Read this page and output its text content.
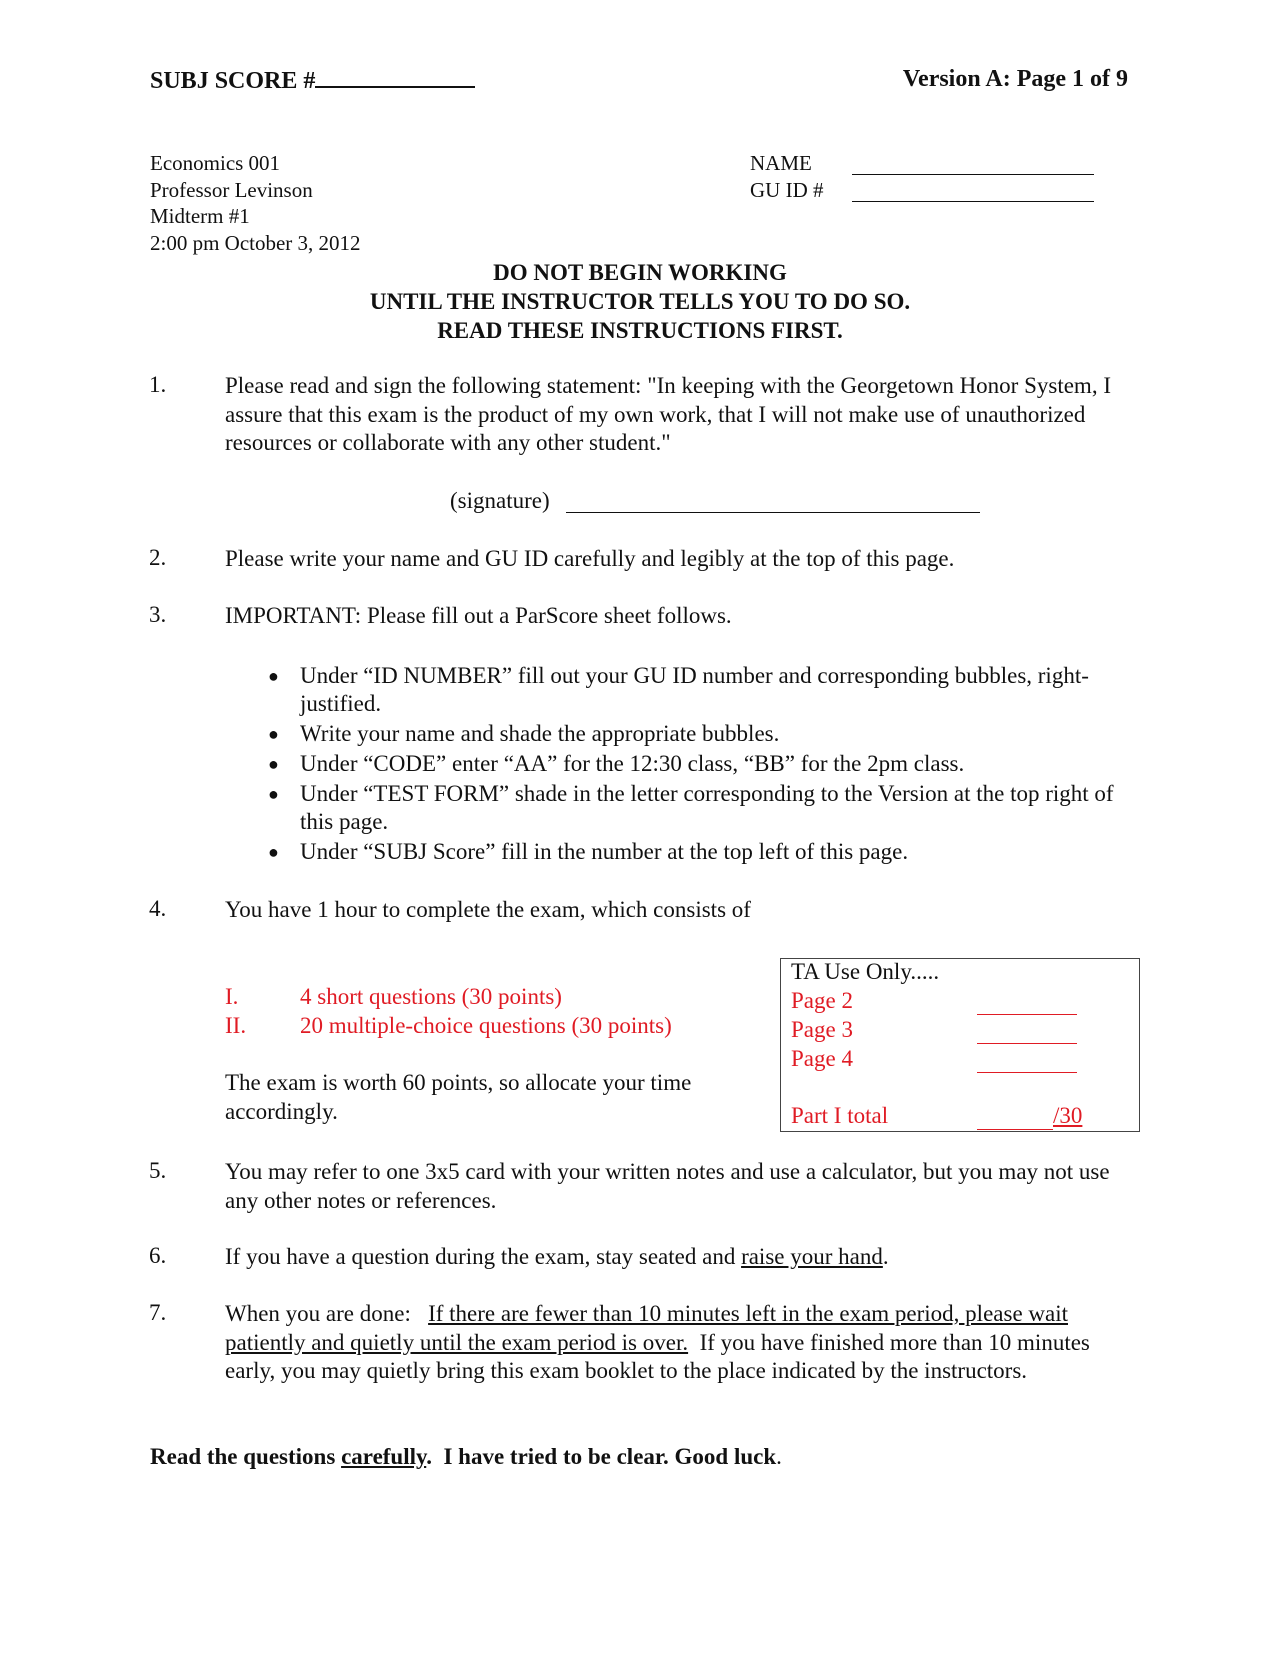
SUBJ SCORE #	Version A: Page 1 of 9
Economics 001
Professor Levinson
Midterm #1
2:00 pm October 3, 2012
NAME
GU ID #
DO NOT BEGIN WORKING
UNTIL THE INSTRUCTOR TELLS YOU TO DO SO.
READ THESE INSTRUCTIONS FIRST.
1.	Please read and sign the following statement: "In keeping with the Georgetown Honor System, I assure that this exam is the product of my own work, that I will not make use of unauthorized resources or collaborate with any other student."
(signature)
2.	Please write your name and GU ID carefully and legibly at the top of this page.
3.	IMPORTANT: Please fill out a ParScore sheet follows.
● Under “ID NUMBER” fill out your GU ID number and corresponding bubbles, right-justified.
● Write your name and shade the appropriate bubbles.
● Under “CODE” enter “AA” for the 12:30 class, “BB” for the 2pm class.
● Under “TEST FORM” shade in the letter corresponding to the Version at the top right of this page.
● Under “SUBJ Score” fill in the number at the top left of this page.
4.	You have 1 hour to complete the exam, which consists of
I.	4 short questions (30 points)
II. 20 multiple-choice questions (30 points)
The exam is worth 60 points, so allocate your time accordingly.
TA Use Only.....
Page 2
Page 3
Page 4
Part I total	/30
5.	You may refer to one 3x5 card with your written notes and use a calculator, but you may not use any other notes or references.
6.	If you have a question during the exam, stay seated and raise your hand.
7.	When you are done:   If there are fewer than 10 minutes left in the exam period, please wait patiently and quietly until the exam period is over.  If you have finished more than 10 minutes early, you may quietly bring this exam booklet to the place indicated by the instructors.
Read the questions carefully.  I have tried to be clear. Good luck.
